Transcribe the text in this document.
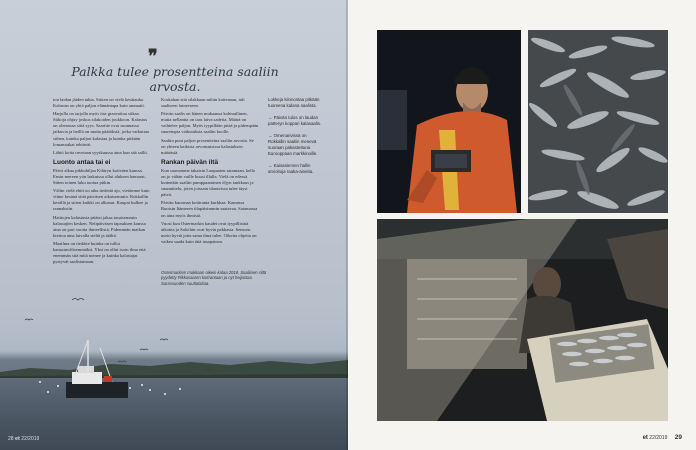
❞
Palkka tulee prosentteina saaliin arvosta.

ton laidan jäiden takia. Siitten on vielä kesätauko. Kalastus on yhtä paljon elämäntapa kuin ammatti.

Harjulla on tarjolla myös itse graavattua siikaa. Siikoja ohjuy joskus silakoiden joukkoon. Kalastus on olemassa siitä syys. Saaritte ovat suunnassa jatkuvia ja heillä on muita päätöksiä, jotka vaikuttaa siihen, kuinka paljon kalastaa ja kuinka pitkään lomamatkat tehtävät.

Lähtö koita ruvetaan syyskuussa aina kun sää sallii.

Luonto antaa tai ei

Päivä alkaa pikkuhiljaa Kihtryn kotiväen kanssa. Ensin mereen yön laskuissa ollut aluksen hamarat. Sitten toinen luku tuotua pitkin.

Väliin vielä ehtii on aika tiedettä ajo, vietämme kuin viime kesänä siitä päiväsen aikaisemmin. Rokkallin kesällä ja sitten kaikki on alkanut. Kaupat kulkee jo rannaksiin.

Haittojen kalastusta pitäisi jakaa tasaisemmin kalastajien kesken. Nelipäiväsen tapauksen kanssa aina on pari vuotta ihmeellistä. Pidemmän matkan kiertoa aina laivalla sieltä ja täältä.

Maailma on tiedätte kuinka on tullut kansainvälisemmäksi. Yksi on ollut isoin ilma että enemmän sitä mitä menee ja kuinka kalastajat pystyvät saalistamaan.

Koskahan sitä silakkaan mihin kottenaan, tuli saaliseen laineeseen.

Päivän saalis on hänen mukaansa kohtuullinen, mutta nellantta on taas laiva sadetta. Määrä on vaihtelee paljon. Myös tyypillään pitää ja pidempään suurempia vaikutuksia saaliin koolle.

Saaliin puut paljon prosentteina saaliin arvosta. Se on yhteen kaikista arvonsuisissa kalastuksen määrästä.

Rankan päivän iltä

Kun saavumme takaisin Laupaaten satamaan, kello on jo vähän vaille kuusi illalla. Vielä on edessä kuitenkin saaliin pumppaaminen öljyn tankkaus ja suunnittelu, joten joissain tilanteissa tulee täysi päivä.

Päivän kuormaa kotiiranta kurkkaa. Kamassa Ruotsin Itämeren tilapäisimmin saatavaa. Satamassa on aina myös ihmisiä.

Vuosi kun Ostermarkin kaudet ovat tyypillisinä aikoina ja Saloihin ovat hyvin pakkasia. Senssen usein hyviä jotta sama ilma tulee. Oikeita ohjeita on vaikea saada kuin tätä tasapainoa.

Ostermarkien mukkaan oikein kalaa 2018. Saaliinen siltä pyydetty Pikkusaaren kotirantaan ja nyt heijastaa Sarasvuoden suuttalaitaa.

Lokkeja kiinnostaa pitkään tuoreena kalana saalista.

→ Päivän tulos on laudan patteryn koppari kalasaalis.

→ Omenarivissä on Rokkallin saaliin menevä suoraan pakastettuna Eurooppaan markkinoille.

→ Kaisaniemen hallin arvioituja raaka-aineita.

28 et 22/2019	et 22/2019 29
